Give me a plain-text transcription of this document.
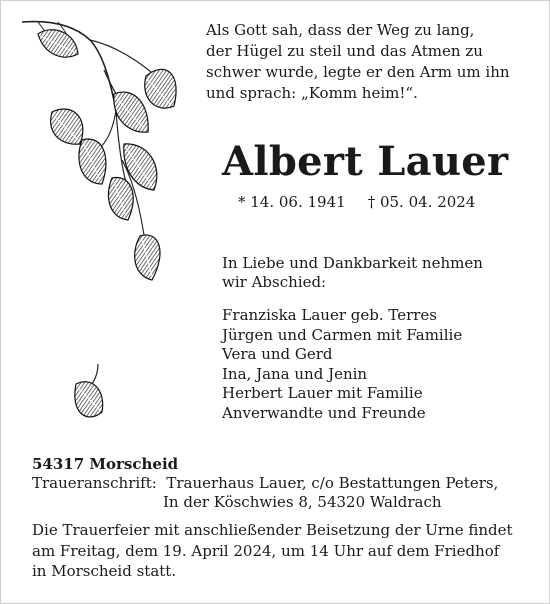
Als Gott sah, dass der Weg zu lang,
der Hügel zu steil und das Atmen zu
schwer wurde, legte er den Arm um ihn
und sprach: „Komm heim!“.
Albert Lauer
* 14. 06. 1941 † 05. 04. 2024
In Liebe und Dankbarkeit nehmen
wir Abschied:
Franziska Lauer geb. Terres
Jürgen und Carmen mit Familie
Vera und Gerd
Ina, Jana und Jenin
Herbert Lauer mit Familie
Anverwandte und Freunde
54317 Morscheid
Traueranschrift:  Trauerhaus Lauer, c/o Bestattungen Peters,
In der Köschwies 8, 54320 Waldrach
Die Trauerfeier mit anschließender Beisetzung der Urne findet
am Freitag, dem 19. April 2024, um 14 Uhr auf dem Friedhof
in Morscheid statt.
